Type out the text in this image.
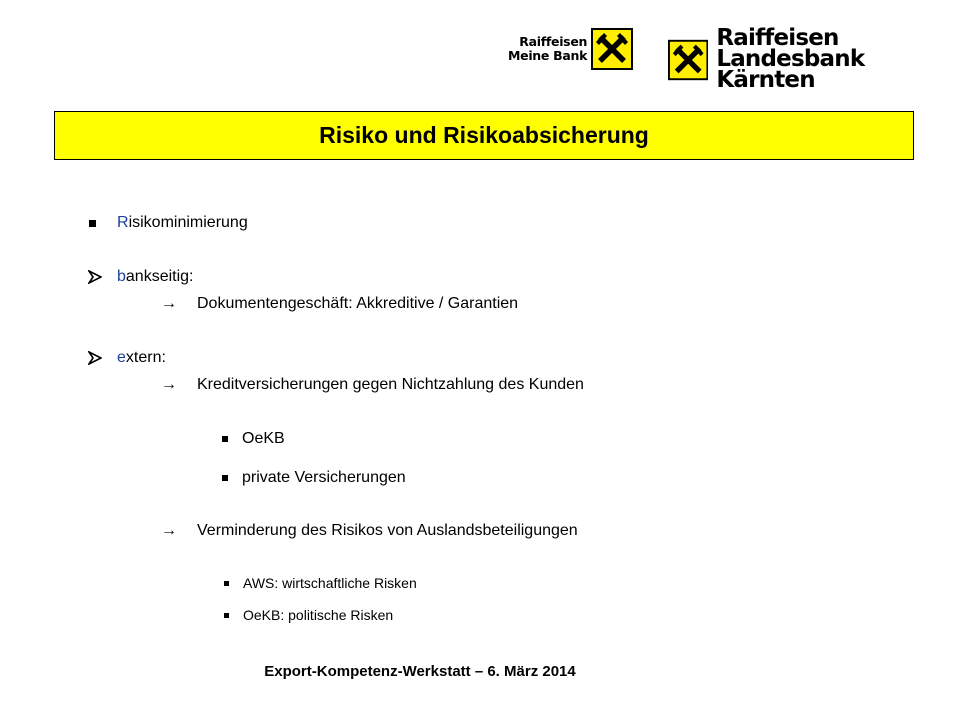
Raiffeisen
Meine Bank
Raiffeisen
Landesbank Kärnten
Risiko und Risikoabsicherung
Risikominimierung
bankseitig:
→ Dokumentengeschäft: Akkreditive / Garantien
extern:
→ Kreditversicherungen gegen Nichtzahlung des Kunden
OeKB
private Versicherungen
→ Verminderung des Risikos von Auslandsbeteiligungen
AWS: wirtschaftliche Risken
OeKB: politische Risken
Export-Kompetenz-Werkstatt – 6. März 2014
